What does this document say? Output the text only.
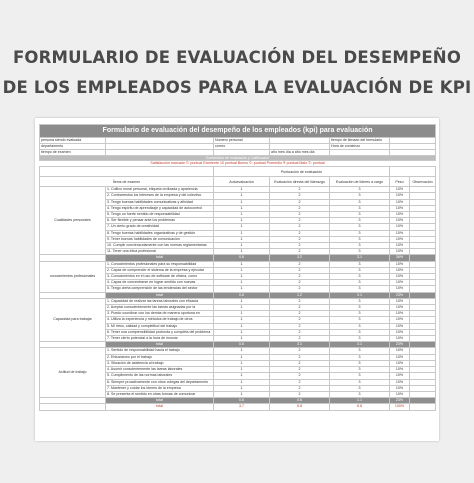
FORMULARIO DE EVALUACIÓN DEL DESEMPEÑO
DE LOS EMPLEADOS PARA LA EVALUACIÓN DE KPI
Formulario de evaluación del desempeño de los empleados (kpi) para evaluación						
persona siendo evaluada		Numero personal		tiempo de llenado del formulario		
departamento		correo		Hora de comienzo		
tiempo de examen			año mes día a año mes día			
Contenidos de evaluación y Calificación						
Satisfacción marcado ©: puntual Excelente 10 puntual Bueno ©: puntual Promedio ® puntual Malo ©: puntual						
		Puntuación de evaluación				
Ítems de examen		Autoevaluación	Evaluación directa del liderazgo	Evaluación de lideres a cargo	Peso	Observación
Cualidades personales	1. Cultivo moral personal, etiqueta civilizada y apariencia	1	2	3	10%	
	2. Contrarrestos los intereses de la empresa y del colectivo	1	2	3	10%	
	3. Tengo buenas habilidades comunicativas y afinidad	1	2	3	10%	
	4. Tengo espíritu de aprendizaje y capacidad de autocontrol	1	2	3	10%	
	5. Tengo un fuerte sentido de responsabilidad	1	2	3	10%	
	6. Ser flexible y pensar ante los problemas	1	2	3	10%	
	7. Un cierto grado de creatividad	1	2	3	10%	
	8. Tengo buenas habilidades organizativas y de gestión	1	2	3	10%	
	9. Tener buenas habilidades de comunicación	1	2	3	10%	
	10. Cumplir concienzudamente con las normas reglamentarias	1	2	3	10%	
	11. Tener una ética profesional	1	2	3	10%	
	total	0.6	3.2	3.1	36%	
conocimientos profesionales	1. Conocimientos profesionales para su responsabilidad	1	2	3	10%	
	2. Capaz de comprender el sistema de la empresa y ejecutar	1	2	3	10%	
	3. Conocimientos en el uso de software de oficina, como	1	2	3	10%	
	4. Capaz de concentrarse en lograr sentido con nuevas	1	2	3	10%	
	5. Tengo cierta comprensión de las tendencias del sector	1	2	3	10%	
	total	0.6	1.2	3.1	23%	
Capacidad para trabajar	1. Capacidad de realizar las tareas laborales con eficacia	1	2	3	10%	
	2. Aceptar conscientemente las tareas asignadas por la	1	2	3	10%	
	3. Puedo coordinar con los demás de manera oportuna en	1	2	3	10%	
	4. Utiliza la experiencia y métodos de trabajo de otros	1	2	3	10%	
	5. Mi ritmo, calidad y completitud del trabajo	1	2	3	10%	
	6. Tener una comprensibilidad profunda y completa del problema	1	2	3	10%	
	7. Tener cierto potencial a la hora de innovar	1	2	3	10%	
	total	0.6	3.1	3.1	23%	
Actitud de trabajo	1. Sentido de responsabilidad hacia el trabajo	1	2	3	10%	
	2. Entusiasmo por el trabajo	1	2	3	10%	
	3. Situación de asistencia al trabajo	1	2	3	10%	
	4. Asumir conscientemente las tareas laborales	1	2	3	10%	
	5. Cumplimiento de las normas laborales	1	2	3	10%	
	6. Siempre proactivamente con otros colegas del departamento	1	2	3	10%	
	7. Mantener y cuidar los bienes de la empresa	1	2	3	10%	
	8. Se presenta el sentido en otras formas de comunicar	1	2	3	10%	
	total	0.6	0.6	1.1	23%	
	total	3.7	5.8	6.8	100%	
